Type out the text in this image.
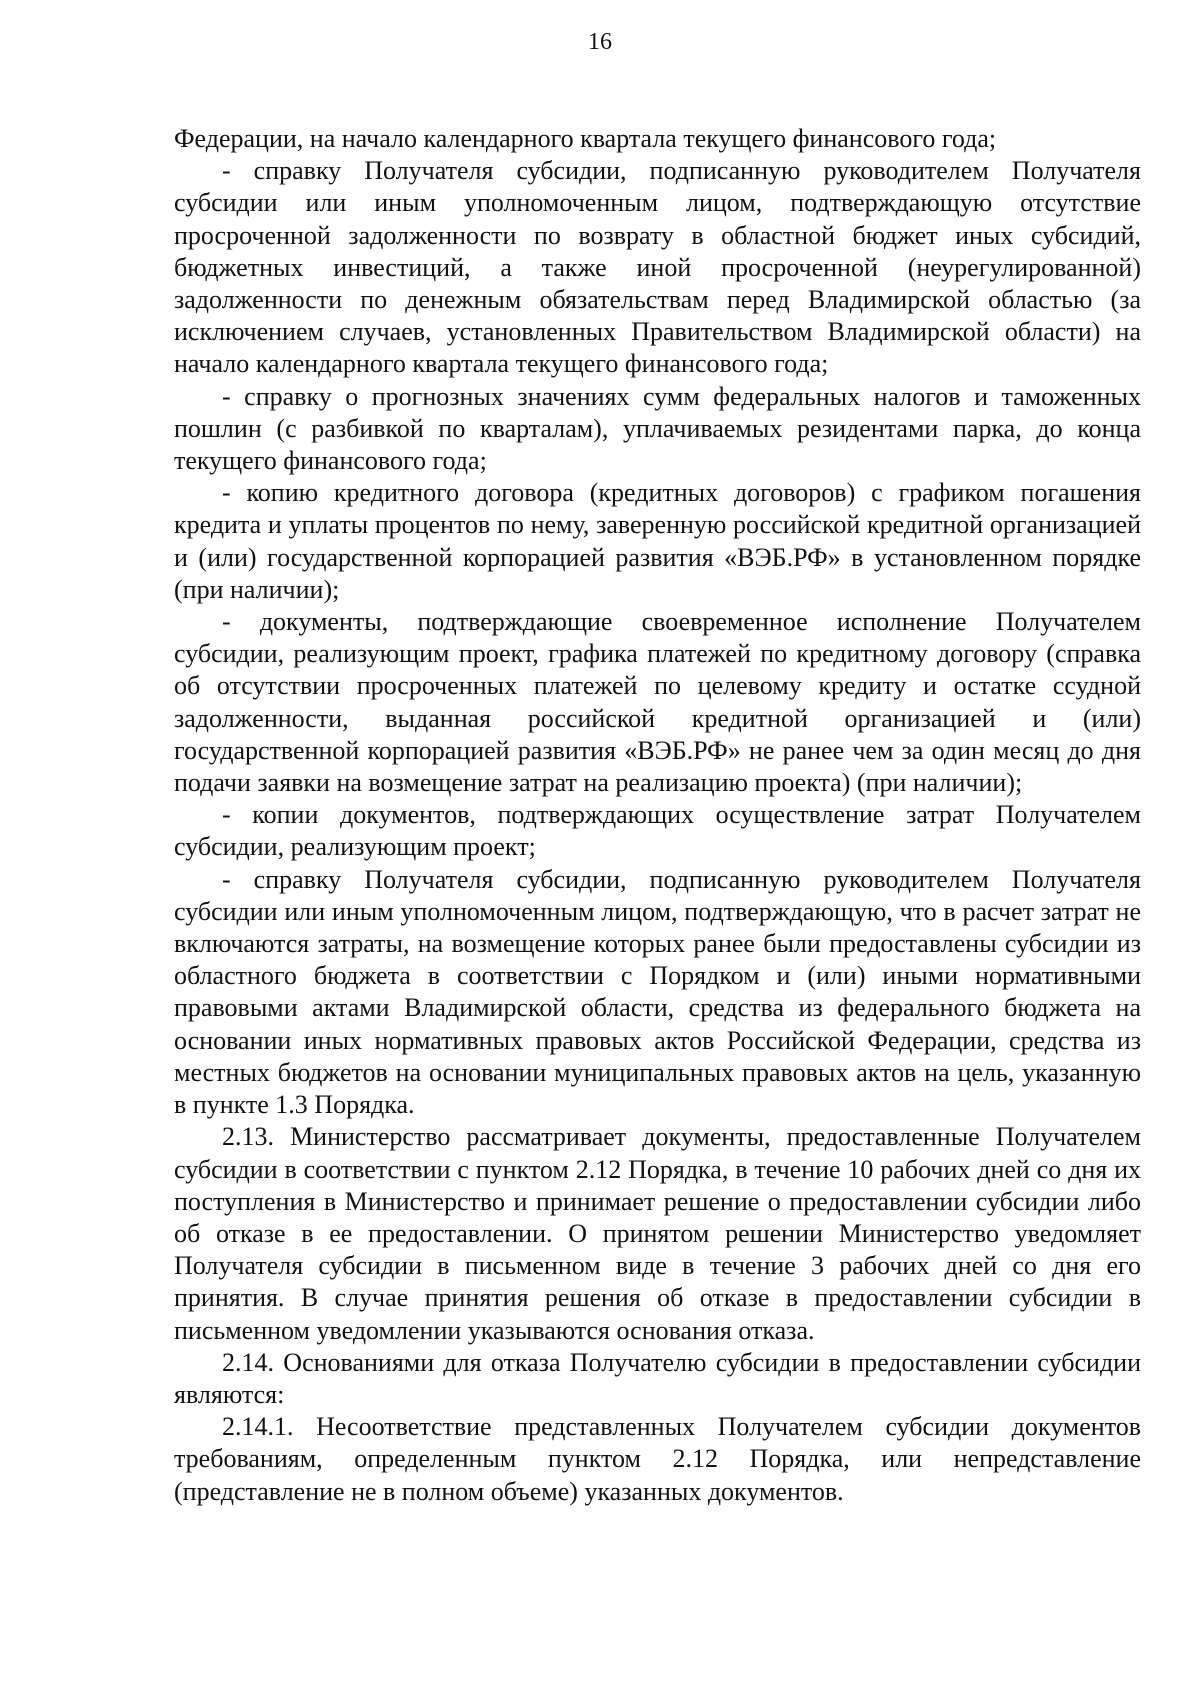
16

Федерации, на начало календарного квартала текущего финансового года;

- справку Получателя субсидии, подписанную руководителем Получателя субсидии или иным уполномоченным лицом, подтверждающую отсутствие просроченной задолженности по возврату в областной бюджет иных субсидий, бюджетных инвестиций, а также иной просроченной (неурегулированной) задолженности по денежным обязательствам перед Владимирской областью (за исключением случаев, установленных Правительством Владимирской области) на начало календарного квартала текущего финансового года;

- справку о прогнозных значениях сумм федеральных налогов и таможенных пошлин (с разбивкой по кварталам), уплачиваемых резидентами парка, до конца текущего финансового года;

- копию кредитного договора (кредитных договоров) с графиком погашения кредита и уплаты процентов по нему, заверенную российской кредитной организацией и (или) государственной корпорацией развития «ВЭБ.РФ» в установленном порядке (при наличии);

- документы, подтверждающие своевременное исполнение Получателем субсидии, реализующим проект, графика платежей по кредитному договору (справка об отсутствии просроченных платежей по целевому кредиту и остатке ссудной задолженности, выданная российской кредитной организацией и (или) государственной корпорацией развития «ВЭБ.РФ» не ранее чем за один месяц до дня подачи заявки на возмещение затрат на реализацию проекта) (при наличии);

- копии документов, подтверждающих осуществление затрат Получателем субсидии, реализующим проект;

- справку Получателя субсидии, подписанную руководителем Получателя субсидии или иным уполномоченным лицом, подтверждающую, что в расчет затрат не включаются затраты, на возмещение которых ранее были предоставлены субсидии из областного бюджета в соответствии с Порядком и (или) иными нормативными правовыми актами Владимирской области, средства из федерального бюджета на основании иных нормативных правовых актов Российской Федерации, средства из местных бюджетов на основании муниципальных правовых актов на цель, указанную в пункте 1.3 Порядка.

2.13. Министерство рассматривает документы, предоставленные Получателем субсидии в соответствии с пунктом 2.12 Порядка, в течение 10 рабочих дней со дня их поступления в Министерство и принимает решение о предоставлении субсидии либо об отказе в ее предоставлении. О принятом решении Министерство уведомляет Получателя субсидии в письменном виде в течение 3 рабочих дней со дня его принятия. В случае принятия решения об отказе в предоставлении субсидии в письменном уведомлении указываются основания отказа.

2.14. Основаниями для отказа Получателю субсидии в предоставлении субсидии являются:

2.14.1. Несоответствие представленных Получателем субсидии документов требованиям, определенным пунктом 2.12 Порядка, или непредставление (представление не в полном объеме) указанных документов.
